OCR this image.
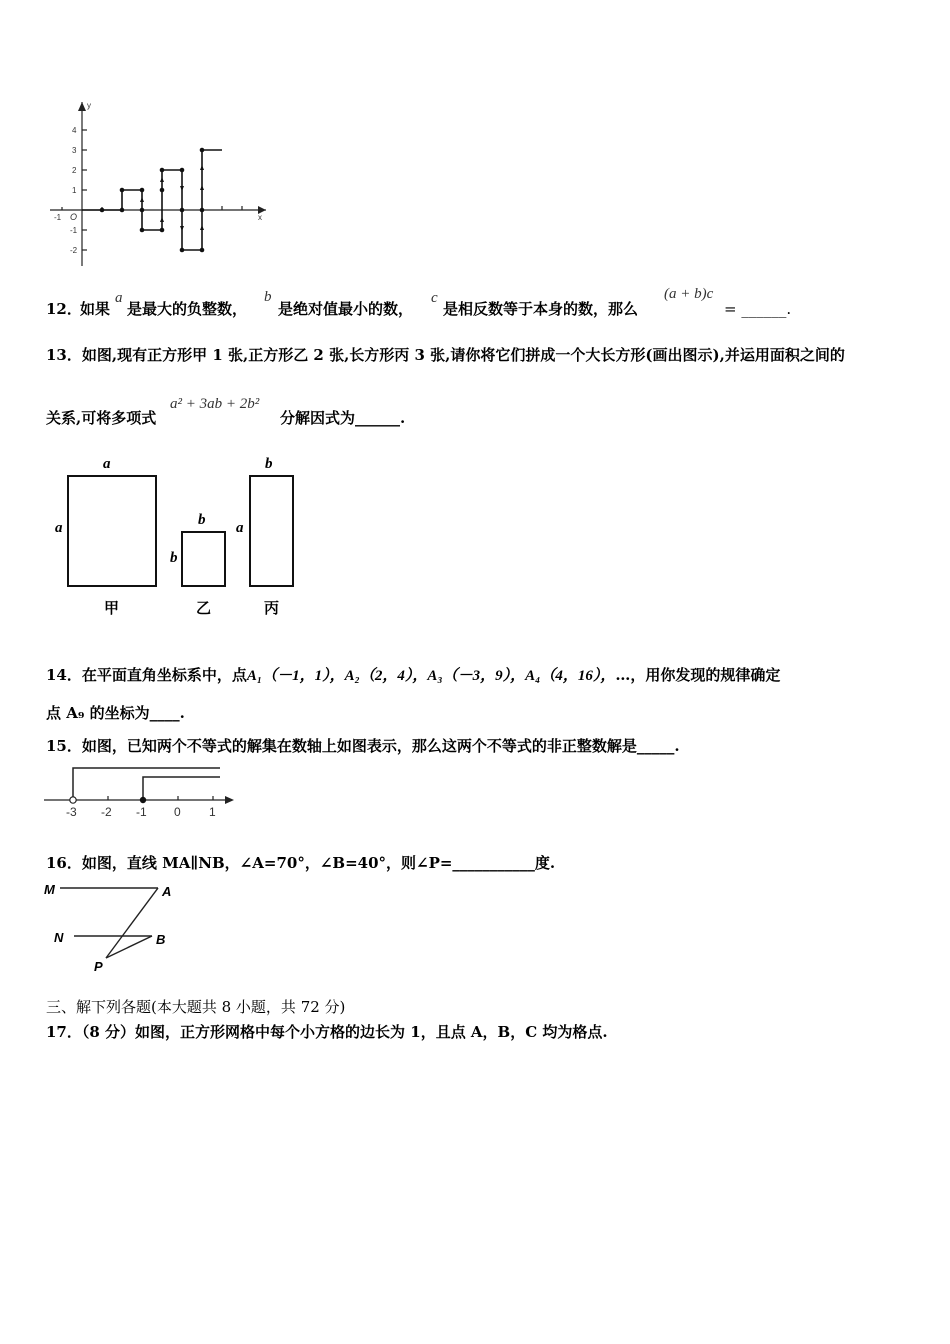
y
x
O
-1
4
3
2
1
-1
-2
12．
如果
a
是最大的负整数，
b
是绝对值最小的数，
c
是相反数等于本身的数，那么
(a + b)c
= ______.
13．如图,现有正方形甲 1 张,正方形乙 2 张,长方形丙 3 张,请你将它们拼成一个大长方形(画出图示),并运用面积之间的
关系,可将多项式
a² + 3ab + 2b²
分解因式为______.
a
a
甲
b
b
乙
b
a
丙
14．在平面直角坐标系中，点A₁（－1，1），A₂（2，4），A₃（－3，9），A₄（4，16），…，用你发现的规律确定
点 A₉ 的坐标为____.
15．如图，已知两个不等式的解集在数轴上如图表示，那么这两个不等式的非正整数解是_____.
-3 -2 -1 0 1
16．如图，直线 MA∥NB，∠A=70°，∠B=40°，则∠P=___________度.
M	A
N	B
P
三、解下列各题(本大题共 8 小题，共 72 分)
17．（8 分）如图，正方形网格中每个小方格的边长为 1，且点 A，B，C 均为格点.
